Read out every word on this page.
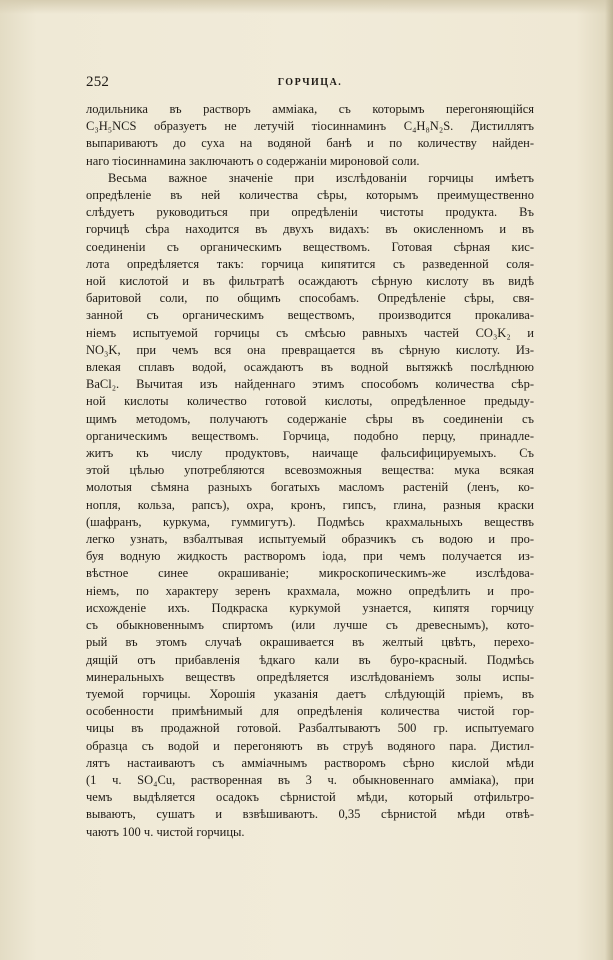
252	ГОРЧИЦА.
лодильника въ растворъ аммiака, съ которымъ перегоняющiйся
C₃H₅NCS образуетъ не летучiй тiосиннаминъ C₄H₈N₂S. Дистиллятъ
выпариваютъ до суха на водяной банѣ и по количеству найден-
наго тiосиннамина заключаютъ о содержанiи мироновой соли.
Весьма важное значенiе при изслѣдованiи горчицы имѣетъ
опредѣленiе въ ней количества сѣры, которымъ преимущественно
слѣдуетъ руководиться при опредѣленiи чистоты продукта. Въ
горчицѣ сѣра находится въ двухъ видахъ: въ окисленномъ и въ
соединенiи съ органическимъ веществомъ. Готовая сѣрная кис-
лота опредѣляется такъ: горчица кипятится съ разведенной соля-
ной кислотой и въ фильтратѣ осаждаютъ сѣрную кислоту въ видѣ
баритовой соли, по общимъ способамъ. Опредѣленiе сѣры, свя-
занной съ органическимъ веществомъ, производится прокалива-
нiемъ испытуемой горчицы съ смѣсью равныхъ частей CO₃K₂ и
NO₃K, при чемъ вся она превращается въ сѣрную кислоту. Из-
влекая сплавъ водой, осаждаютъ въ водной вытяжкѣ послѣднюю
BaCl₂. Вычитая изъ найденнаго этимъ способомъ количества сѣр-
ной кислоты количество готовой кислоты, опредѣленное предыду-
щимъ методомъ, получаютъ содержанiе сѣры въ соединенiи съ
органическимъ веществомъ. Горчица, подобно перцу, принадле-
житъ къ числу продуктовъ, наичаще фальсифицируемыхъ. Съ
этой цѣлью употребляются всевозможныя вещества: мука всякая
молотыя сѣмяна разныхъ богатыхъ масломъ растенiй (ленъ, ко-
нопля, кольза, рапсъ), охра, кронъ, гипсъ, глина, разныя краски
(шафранъ, куркума, гуммигутъ). Подмѣсь крахмальныхъ веществъ
легко узнать, взбалтывая испытуемый образчикъ съ водою и про-
буя водную жидкость растворомъ iода, при чемъ получается из-
вѣстное синее окрашиванiе; микроскопическимъ-же изслѣдова-
нiемъ, по характеру зеренъ крахмала, можно опредѣлить и про-
исхожденiе ихъ. Подкраска куркумой узнается, кипятя горчицу
съ обыкновеннымъ спиртомъ (или лучше съ древеснымъ), кото-
рый въ этомъ случаѣ окрашивается въ желтый цвѣтъ, перехо-
дящiй отъ прибавленiя ѣдкаго кали въ буро-красный. Подмѣсь
минеральныхъ веществъ опредѣляется изслѣдованiемъ золы испы-
туемой горчицы. Хорошiя указанiя даетъ слѣдующiй прiемъ, въ
особенности примѣнимый для опредѣленiя количества чистой гор-
чицы въ продажной готовой. Разбалтываютъ 500 гр. испытуемаго
образца съ водой и перегоняютъ въ струѣ водяного пара. Дистил-
лятъ настаиваютъ съ аммiачнымъ растворомъ сѣрно кислой мѣди
(1 ч. SO₄Cu, растворенная въ 3 ч. обыкновеннаго аммiака), при
чемъ выдѣляется осадокъ сѣрнистой мѣди, который отфильтро-
вываютъ, сушатъ и взвѣшиваютъ. 0,35 сѣрнистой мѣди отвѣ-
чаютъ 100 ч. чистой горчицы.
